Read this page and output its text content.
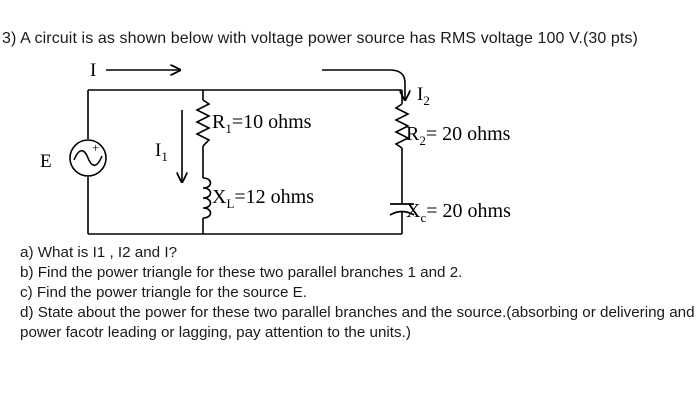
3) A circuit is as shown below with voltage power source has RMS voltage 100 V.(30 pts)
+
E
$R_1=10$ ohms
$X_L=12$ ohms
$R_2= 20$ ohms
$X_c= 20$ ohms
I
$I_1$
$I_2$
a) What is I1 , I2 and I?
b) Find the power triangle for these two parallel branches 1 and 2.
c) Find the power triangle for the source E.
d) State about the power for these two parallel branches and the source.(absorbing or delivering and power facotr leading or lagging, pay attention to the units.)
